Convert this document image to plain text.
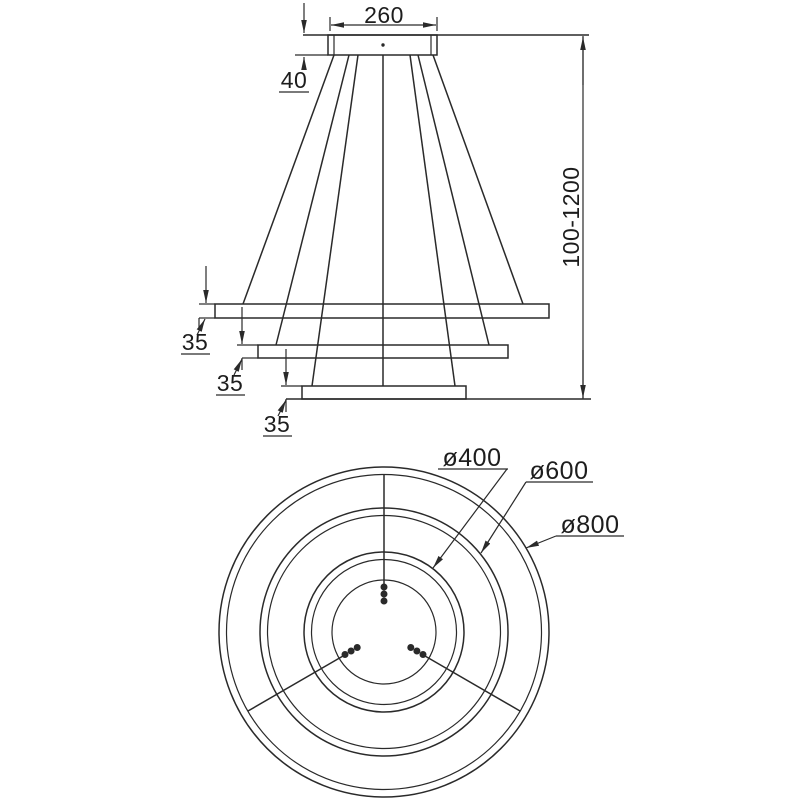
260
40
100-1200
35
35
35
ø400 ø600
ø800
